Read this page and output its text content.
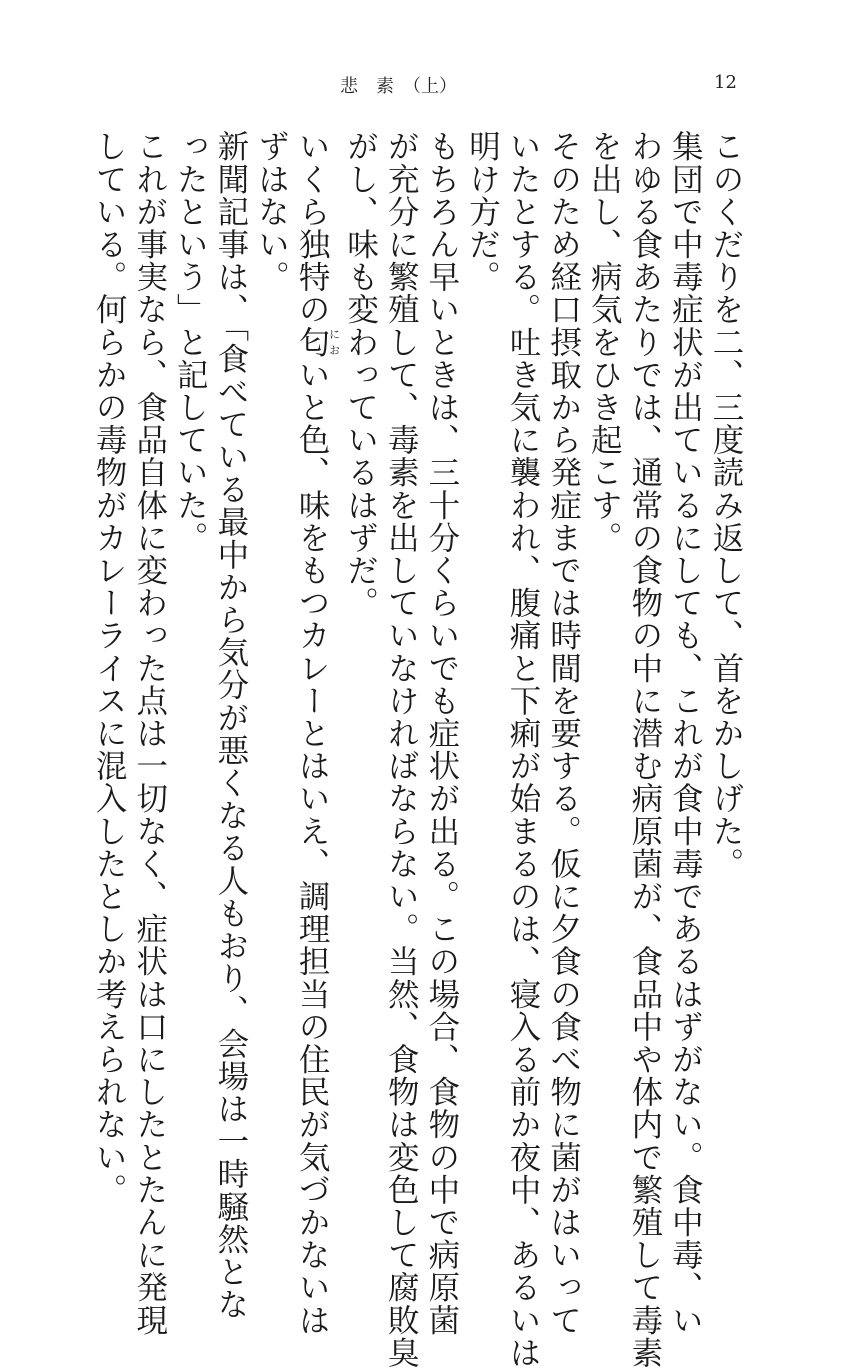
悲　素　（上）	12
このくだりを二、三度読み返して、首をかしげた。
集団で中毒症状が出ているにしても、これが食中毒であるはずがない。食中毒、い
わゆる食あたりでは、通常の食物の中に潜む病原菌が、食品中や体内で繁殖して毒素
を出し、病気をひき起こす。
そのため経口摂取から発症までは時間を要する。仮に夕食の食べ物に菌がはいって
いたとする。吐き気に襲われ、腹痛と下痢が始まるのは、寝入る前か夜中、あるいは
明け方だ。
もちろん早いときは、三十分くらいでも症状が出る。この場合、食物の中で病原菌
が充分に繁殖して、毒素を出していなければならない。当然、食物は変色して腐敗臭
がし、味も変わっているはずだ。
いくら独特の匂においと色、味をもつカレーとはいえ、調理担当の住民が気づかないは
ずはない。
新聞記事は、「食べている最中から気分が悪くなる人もおり、会場は一時騒然とな
ったという」と記していた。
これが事実なら、食品自体に変わった点は一切なく、症状は口にしたとたんに発現
している。何らかの毒物がカレーライスに混入したとしか考えられない。
